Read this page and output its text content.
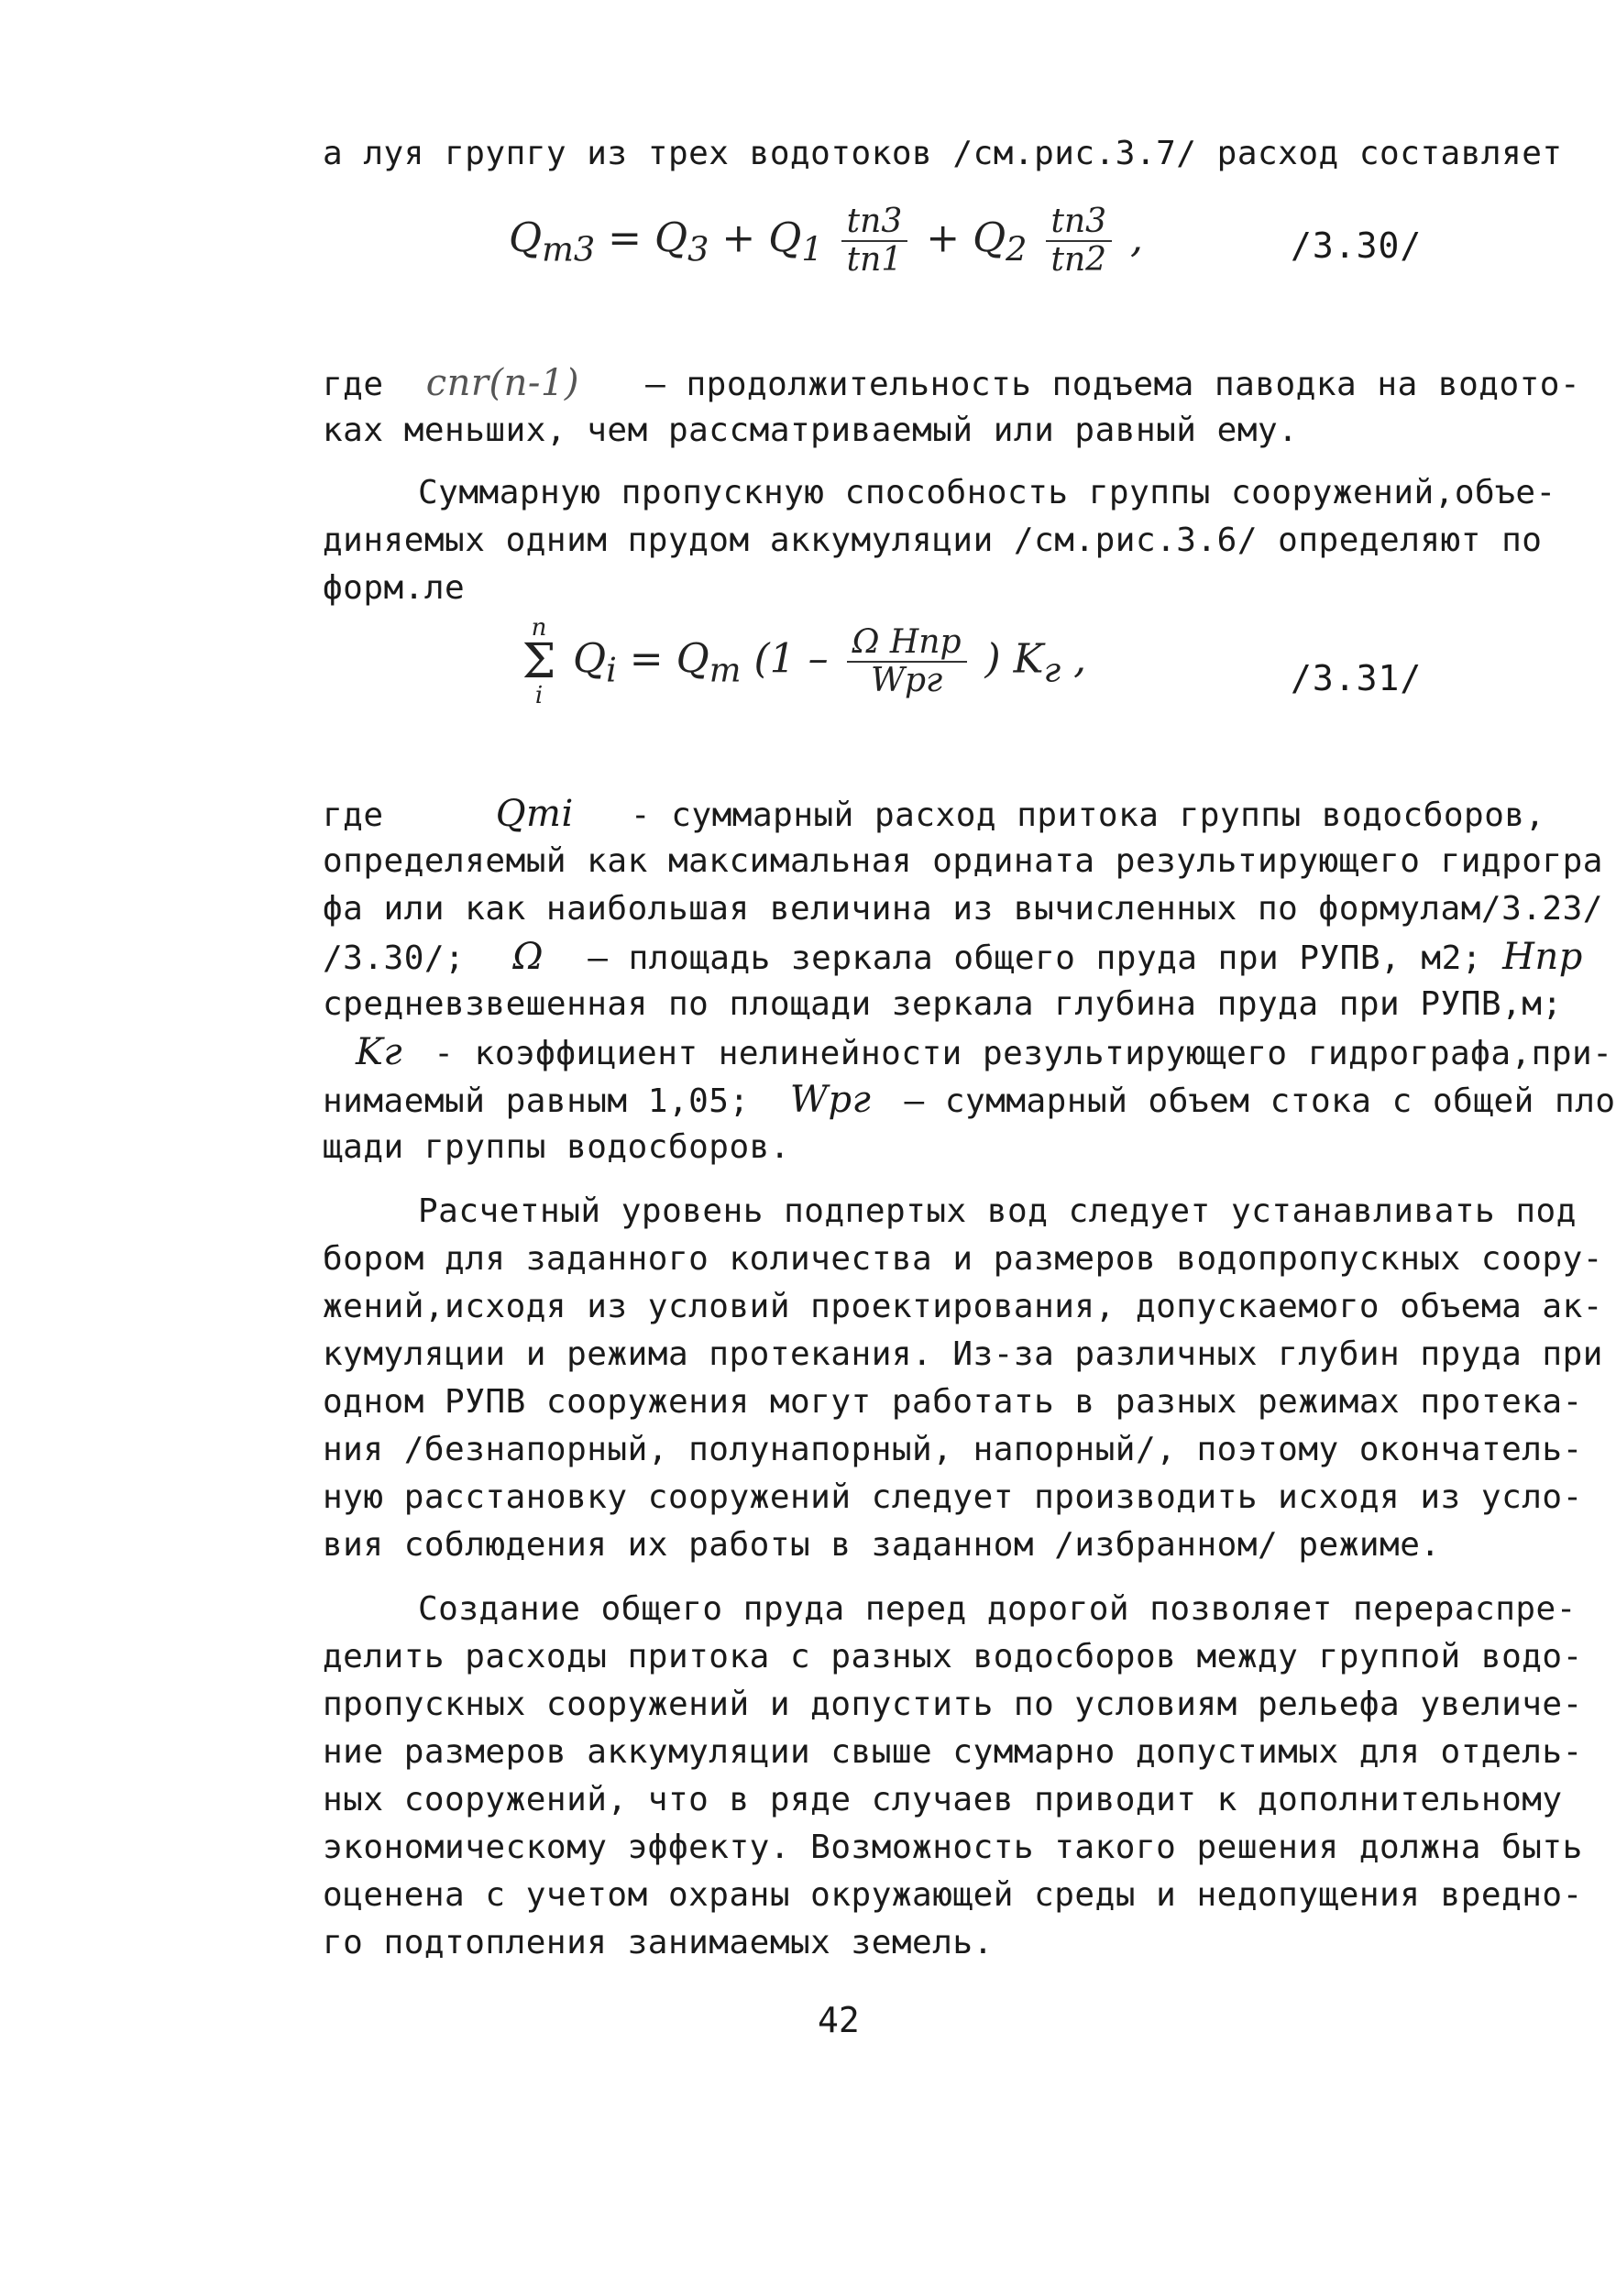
а луя групгу из трех водотоков /см.рис.3.7/ расход составляет
$Q_{m3} = Q_3 + Q_1 \frac{tn3}{tn1} + Q_2 \frac{tn3}{tn2}$ ,	/3.30/
где cnr(n-1) – продолжительность подъема паводка на водото-
ках меньших, чем рассматриваемый или равный ему.
Суммарную пропускную способность группы сооружений,объе-
диняемых одним прудом аккумуляции /см.рис.3.6/ определяют по
форм.ле
n
Σ
i
$Q_i = Q_m$ ($1 - \frac{\text{Ω Hпр}}{\text{Wрг}}$ ) $K_г$ ,	/3.31/
где	Qmi - суммарный расход притока группы водосборов,
определяемый как максимальная ордината результирующего гидрогра
фа или как наибольшая величина из вычисленных по формулам/3.23/
/3.30/; Ω – площадь зеркала общего пруда при РУПВ, м2; Hпр
средневзвешенная по площади зеркала глубина пруда при РУПВ,м;
Kг - коэффициент нелинейности результирующего гидрографа,при-
нимаемый равным 1,05; Wрг – суммарный объем стока с общей пло
щади группы водосборов.
Расчетный уровень подпертых вод следует устанавливать под
бором для заданного количества и размеров водопропускных соору-
жений,исходя из условий проектирования, допускаемого объема ак-
кумуляции и режима протекания. Из-за различных глубин пруда при
одном РУПВ сооружения могут работать в разных режимах протека-
ния /безнапорный, полунапорный, напорный/, поэтому окончатель-
ную расстановку сооружений следует производить исходя из усло-
вия соблюдения их работы в заданном /избранном/ режиме.
Создание общего пруда перед дорогой позволяет перераспре-
делить расходы притока с разных водосборов между группой водо-
пропускных сооружений и допустить по условиям рельефа увеличе-
ние размеров аккумуляции свыше суммарно допустимых для отдель-
ных сооружений, что в ряде случаев приводит к дополнительному
экономическому эффекту. Возможность такого решения должна быть
оценена с учетом охраны окружающей среды и недопущения вредно-
го подтопления занимаемых земель.
42
